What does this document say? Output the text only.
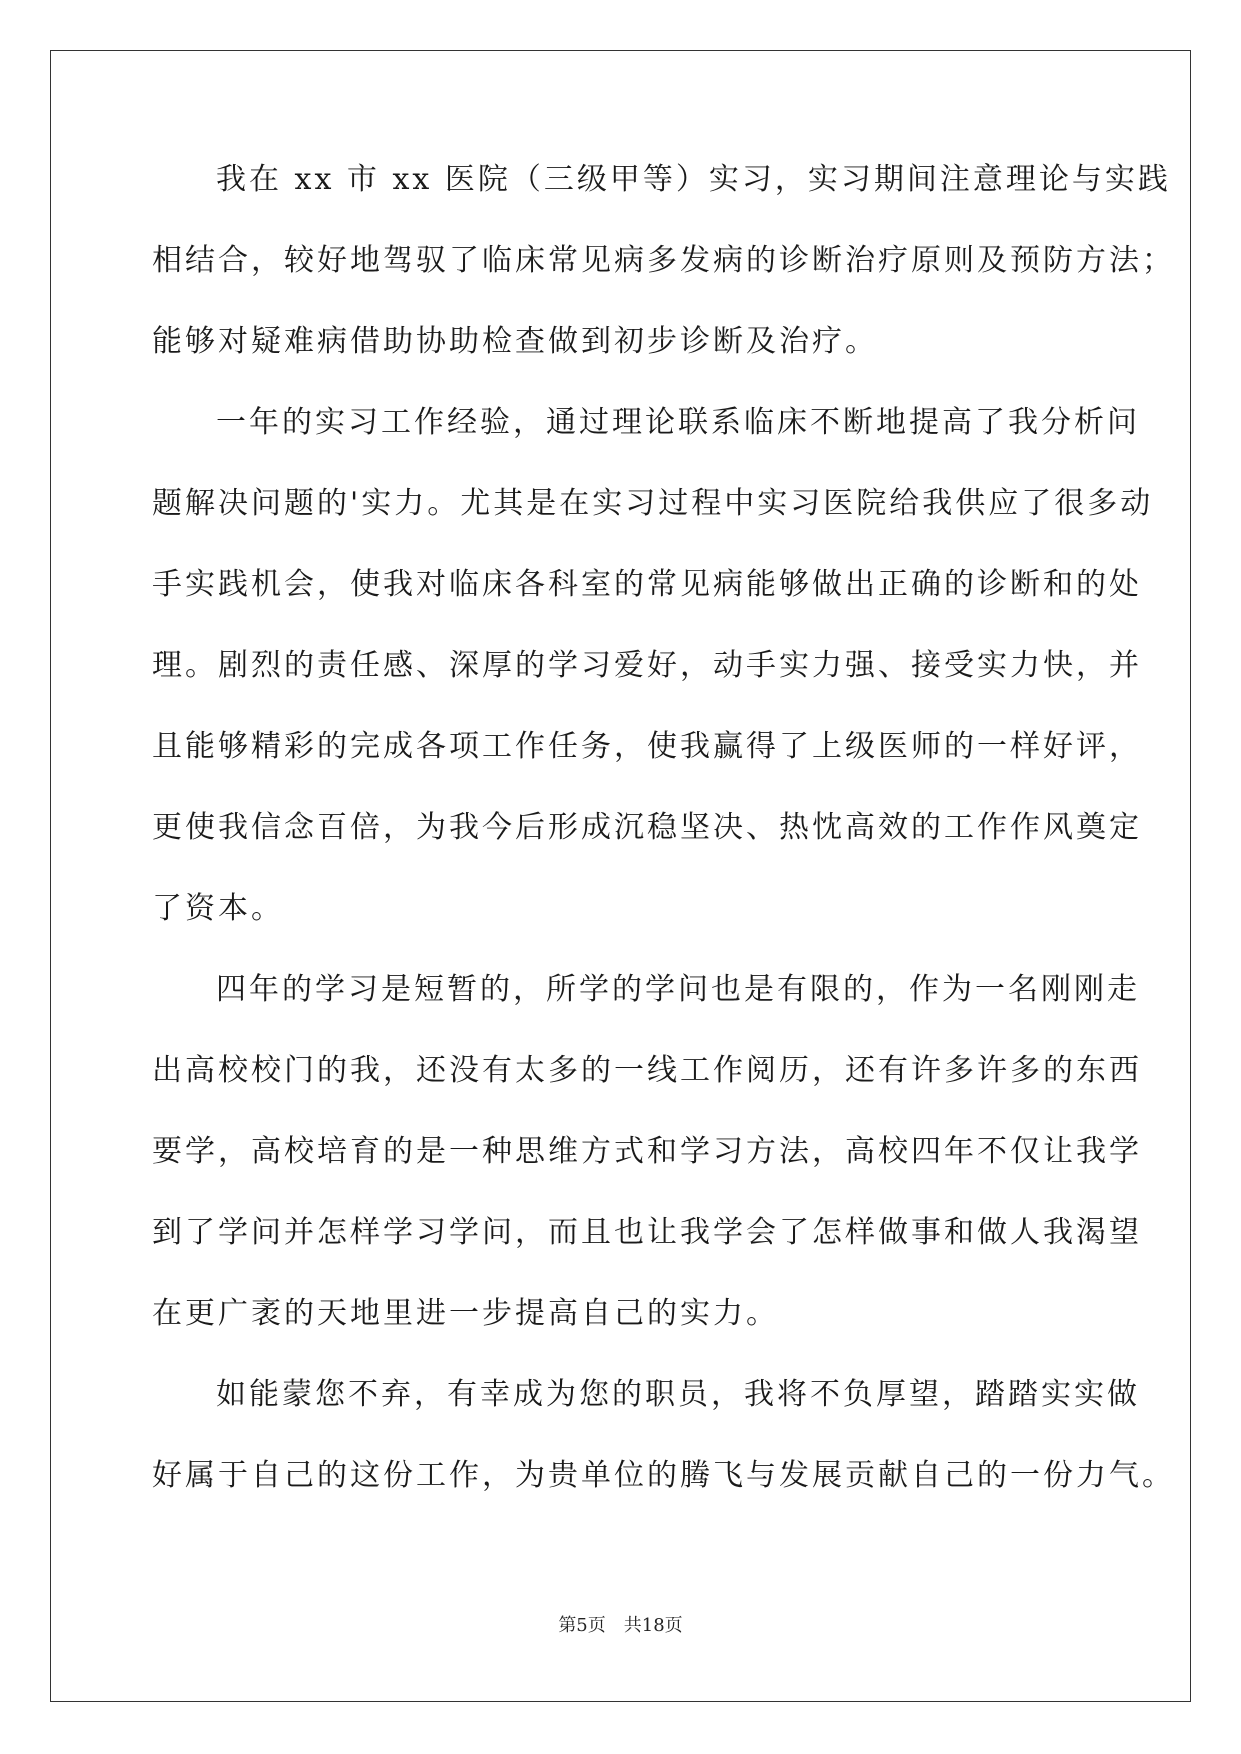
我在 xx 市 xx 医院（三级甲等）实习，实习期间注意理论与实践
相结合，较好地驾驭了临床常见病多发病的诊断治疗原则及预防方法；
能够对疑难病借助协助检查做到初步诊断及治疗。
一年的实习工作经验，通过理论联系临床不断地提高了我分析问
题解决问题的'实力。尤其是在实习过程中实习医院给我供应了很多动
手实践机会，使我对临床各科室的常见病能够做出正确的诊断和的处
理。剧烈的责任感、深厚的学习爱好，动手实力强、接受实力快，并
且能够精彩的完成各项工作任务，使我赢得了上级医师的一样好评，
更使我信念百倍，为我今后形成沉稳坚决、热忱高效的工作作风奠定
了资本。
四年的学习是短暂的，所学的学问也是有限的，作为一名刚刚走
出高校校门的我，还没有太多的一线工作阅历，还有许多许多的东西
要学，高校培育的是一种思维方式和学习方法，高校四年不仅让我学
到了学问并怎样学习学问，而且也让我学会了怎样做事和做人我渴望
在更广袤的天地里进一步提高自己的实力。
如能蒙您不弃，有幸成为您的职员，我将不负厚望，踏踏实实做
好属于自己的这份工作，为贵单位的腾飞与发展贡献自己的一份力气。
第5页 共18页
